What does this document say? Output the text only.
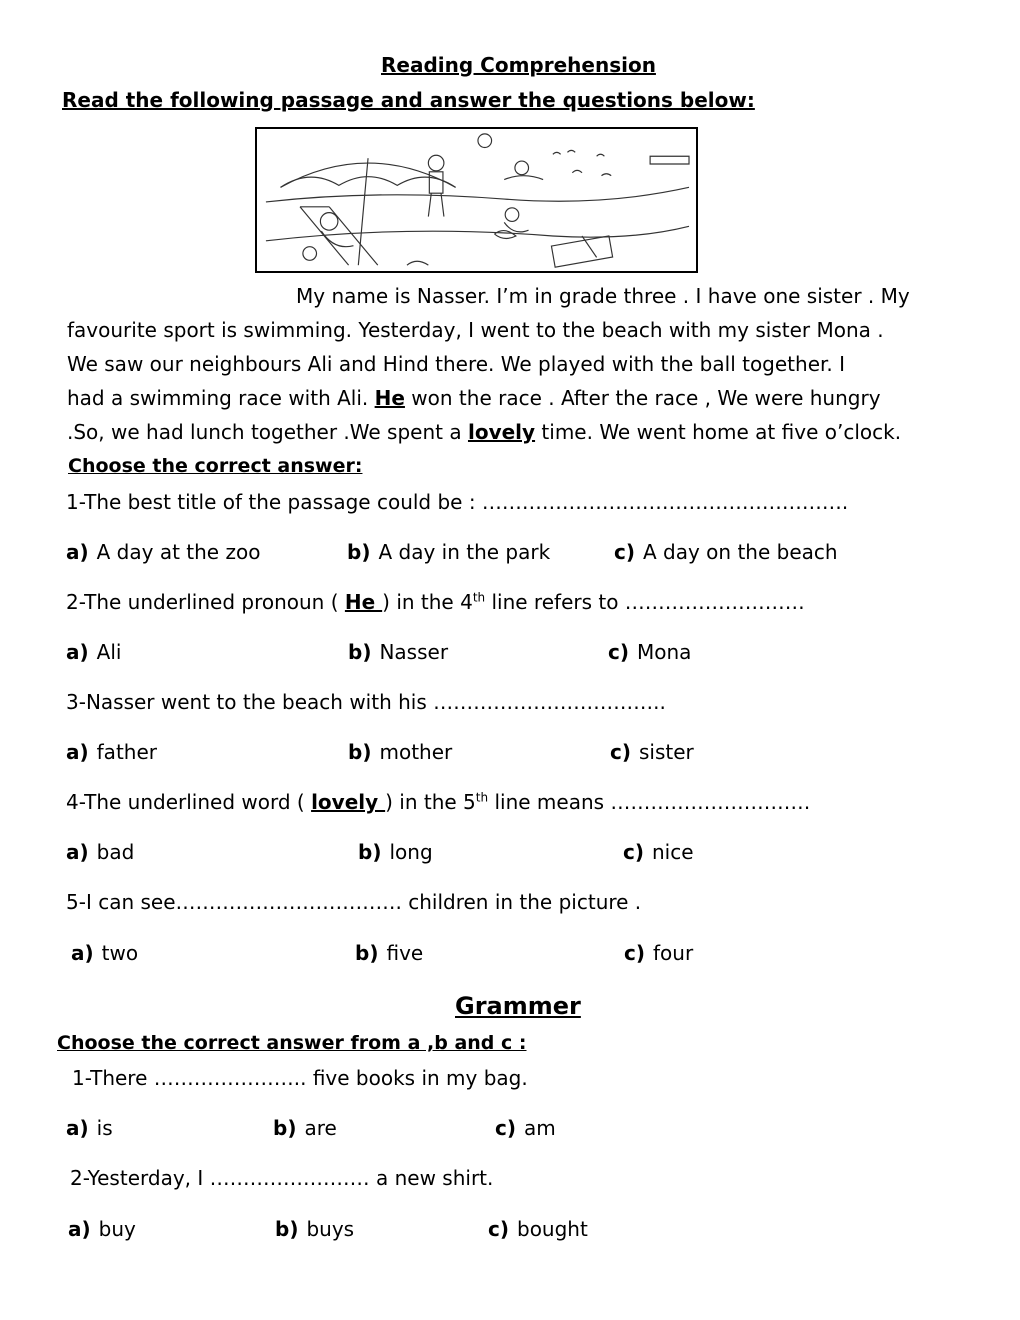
Reading Comprehension
Read the following passage and answer the questions below:
My name is Nasser. I’m in grade three . I have one sister . My
favourite sport is swimming. Yesterday, I went to the beach with my sister Mona .
We saw our neighbours Ali and Hind there. We played with the ball together. I
had a swimming race with Ali. He won the race . After the race , We were hungry
.So, we had lunch together .We spent a lovely time. We went home at five o’clock.
Choose the correct answer:
1-The best title of the passage could be : ……………………………………………….
a) A day at the zoo	b) A day in the park	c) A day on the beach
2-The underlined pronoun ( He ) in the 4th line refers to ………………………
a) Ali	b) Nasser	c) Mona
3-Nasser went to the beach with his ……………………………..
a) father	b) mother	c) sister
4-The underlined word ( lovely ) in the 5th line means …………………………
a) bad	b) long	c) nice
5-I can see……………………………. children in the picture .
a) two	b) five	c) four
Grammer
Choose the correct answer from a ,b and c :
1-There ………………….. five books in my bag.
a) is	b) are	c) am
2-Yesterday, I …………………… a new shirt.
a) buy	b) buys	c) bought
